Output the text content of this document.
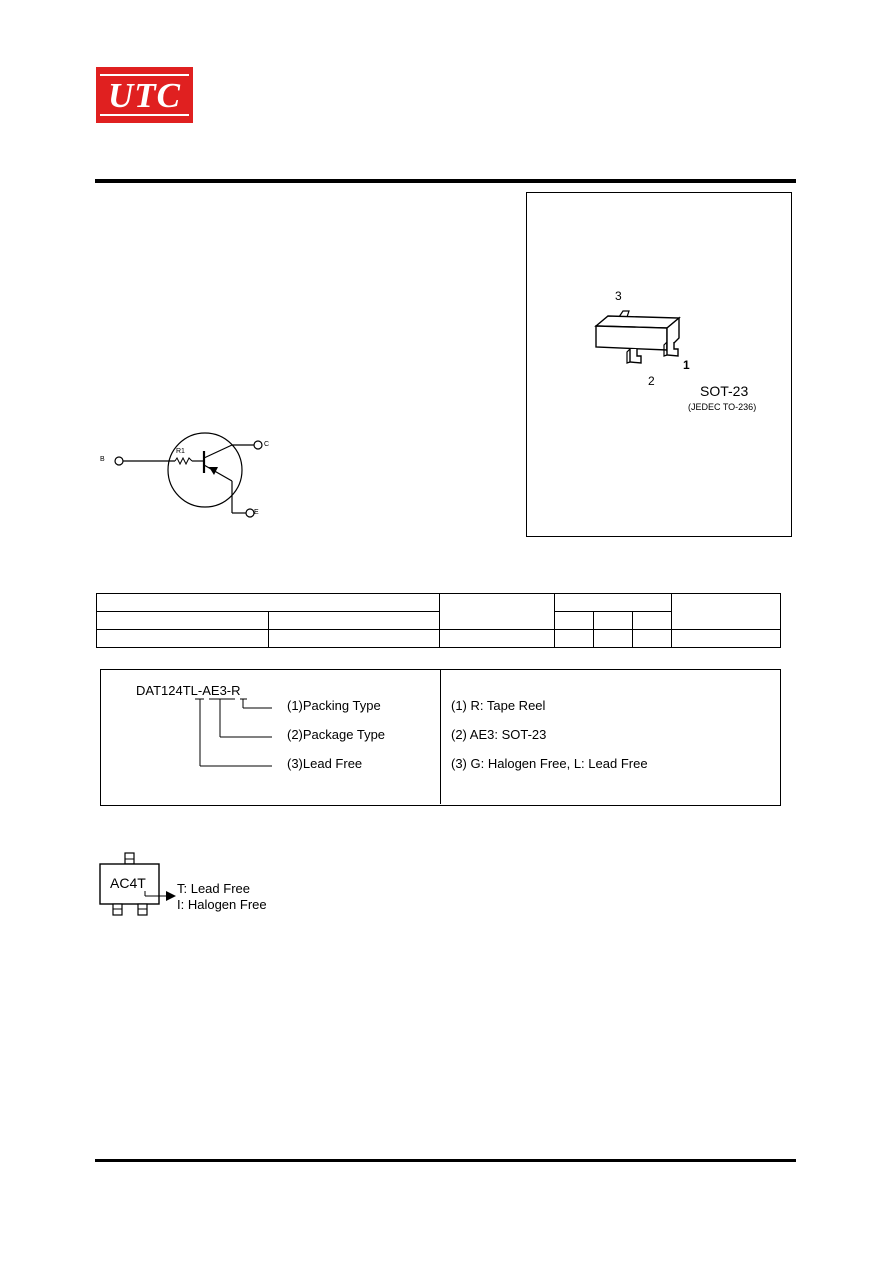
UTC
3
2
1
SOT-23
(JEDEC TO-236)
B
R1
C
E

DAT124TL-AE3-R
(1)Packing Type
(2)Package Type
(3)Lead Free
(1) R: Tape Reel
(2) AE3: SOT-23
(3) G: Halogen Free, L: Lead Free
AC4T T: Lead Free
I: Halogen Free
